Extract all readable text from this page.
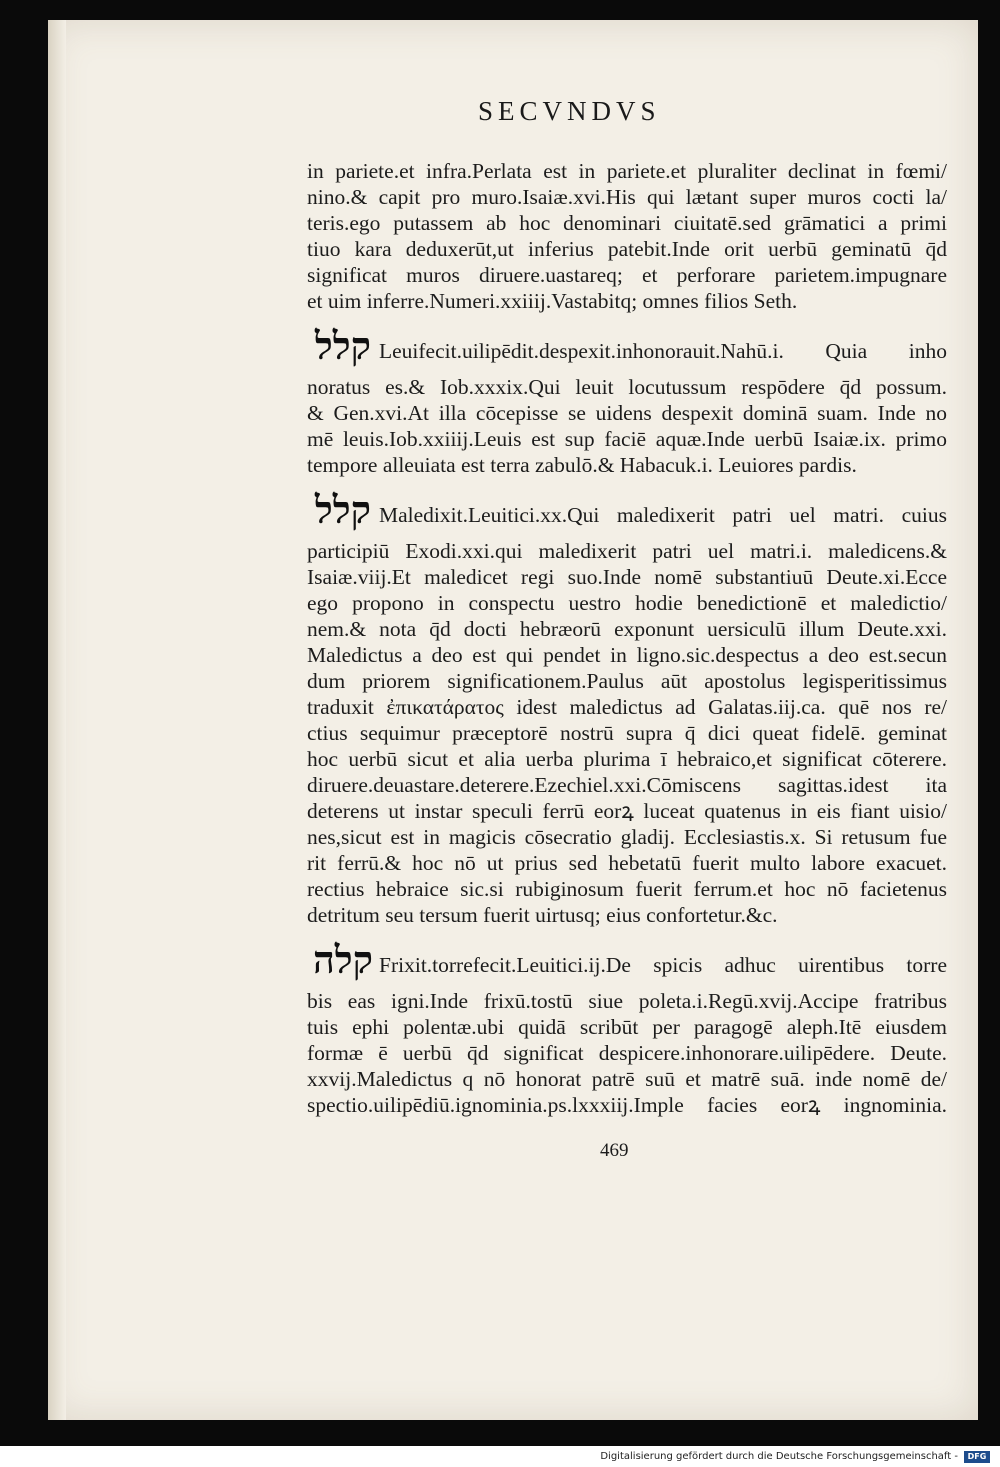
SECVNDVS
in pariete.et infra.Perlata est in pariete.et pluraliter declinat in fœmi/
nino.& capit pro muro.Isaiæ.xvi.His qui lætant super muros cocti la/
teris.ego putassem ab hoc denominari ciuitatē.sed grāmatici a primi
tiuo kara deduxerūt,ut inferius patebit.Inde orit uerbū geminatū q̄d
significat muros diruere.uastareq; et perforare parietem.impugnare
et uim inferre.Numeri.xxiiij.Vastabitq; omnes filios Seth.
קלל Leuifecit.uilipēdit.despexit.inhonorauit.Nahū.i. Quia inho
noratus es.& Iob.xxxix.Qui leuit locutussum respōdere q̄d possum.
& Gen.xvi.At illa cōcepisse se uidens despexit dominā suam. Inde no
mē leuis.Iob.xxiiij.Leuis est sup faciē aquæ.Inde uerbū Isaiæ.ix. primo
tempore alleuiata est terra zabulō.& Habacuk.i. Leuiores pardis.
קלל Maledixit.Leuitici.xx.Qui maledixerit patri uel matri. cuius
participiū Exodi.xxi.qui maledixerit patri uel matri.i. maledicens.&
Isaiæ.viij.Et maledicet regi suo.Inde nomē substantiuū Deute.xi.Ecce
ego propono in conspectu uestro hodie benedictionē et maledictio/
nem.& nota q̄d docti hebræorū exponunt uersiculū illum Deute.xxi.
Maledictus a deo est qui pendet in ligno.sic.despectus a deo est.secun
dum priorem significationem.Paulus aūt apostolus legisperitissimus
traduxit ἐπικατάρατος idest maledictus ad Galatas.iij.ca. quē nos re/
ctius sequimur præceptorē nostrū supra q̄ dici queat fidelē. geminat
hoc uerbū sicut et alia uerba plurima ī hebraico,et significat cōterere.
diruere.deuastare.deterere.Ezechiel.xxi.Cōmiscens sagittas.idest ita
deterens ut instar speculi ferrū eorꝝ luceat quatenus in eis fiant uisio/
nes,sicut est in magicis cōsecratio gladij. Ecclesiastis.x. Si retusum fue
rit ferrū.& hoc nō ut prius sed hebetatū fuerit multo labore exacuet.
rectius hebraice sic.si rubiginosum fuerit ferrum.et hoc nō facietenus
detritum seu tersum fuerit uirtusq; eius confortetur.&c.
קלה Frixit.torrefecit.Leuitici.ij.De spicis adhuc uirentibus torre
bis eas igni.Inde frixū.tostū siue poleta.i.Regū.xvij.Accipe fratribus
tuis ephi polentæ.ubi quidā scribūt per paragogē aleph.Itē eiusdem
formæ ē uerbū q̄d significat despicere.inhonorare.uilipēdere. Deute.
xxvij.Maledictus q nō honorat patrē suū et matrē suā. inde nomē de/
spectio.uilipēdiū.ignominia.ps.lxxxiij.Imple facies eorꝝ ingnominia.
469
Digitalisierung gefördert durch die Deutsche Forschungsgemeinschaft -	DFG
